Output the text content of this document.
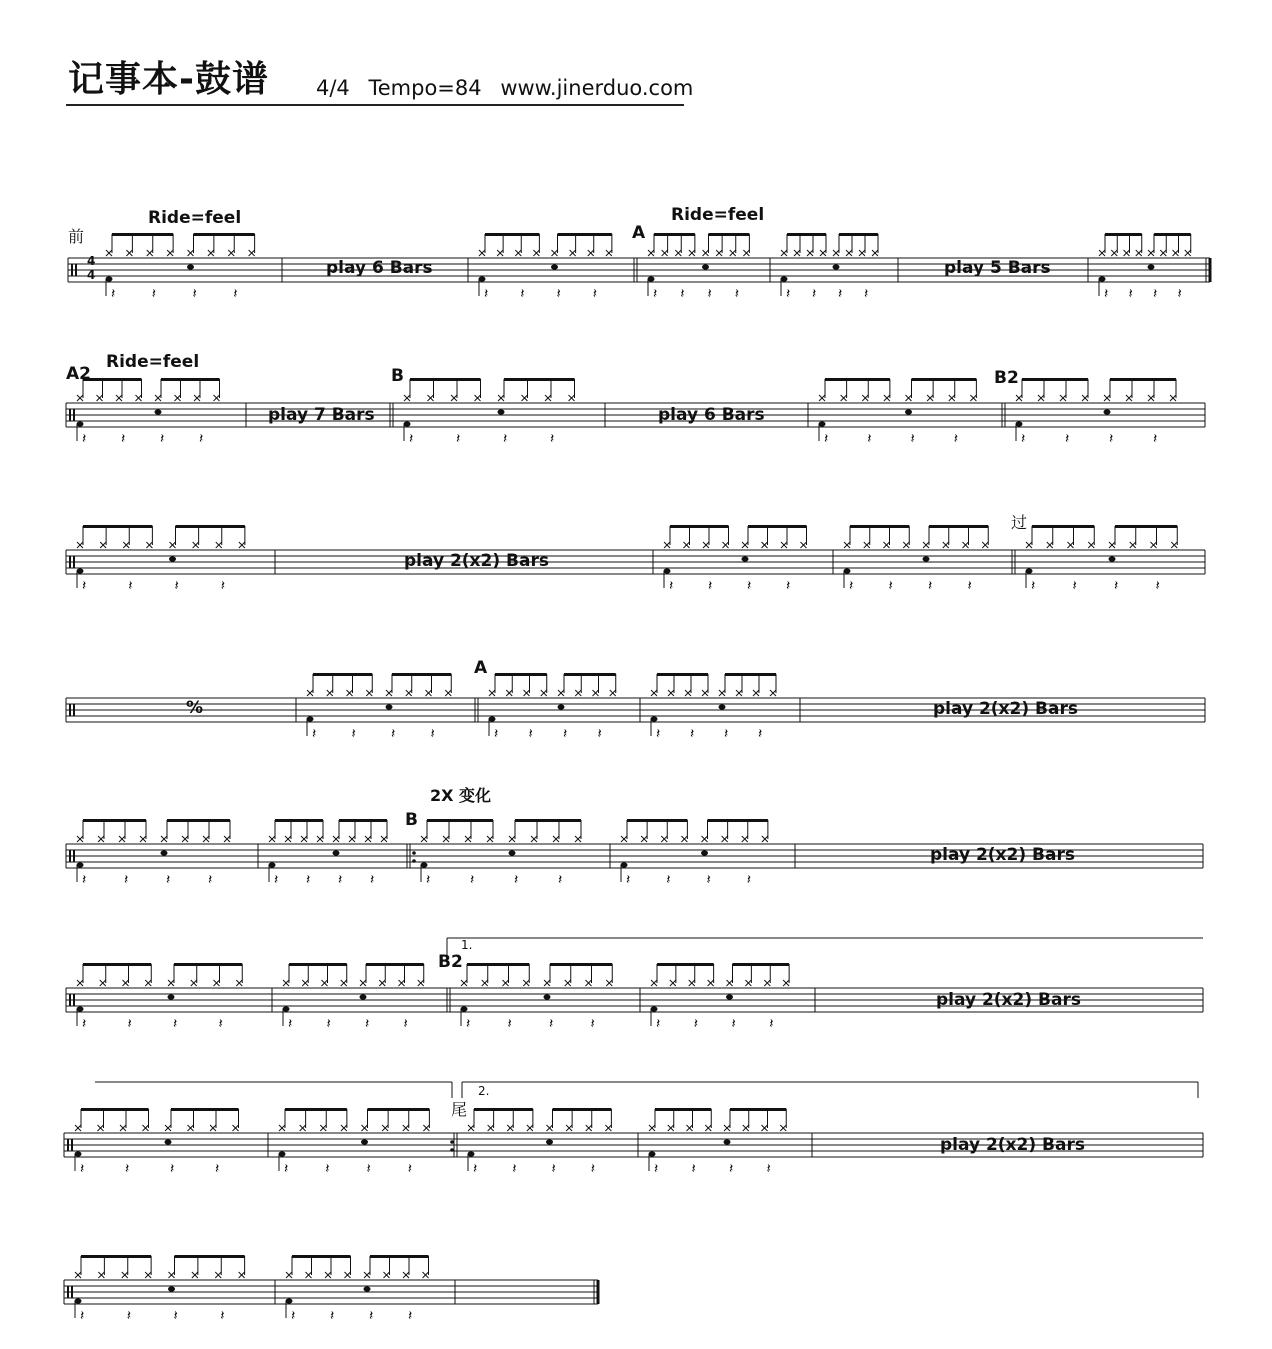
记事本-鼓谱 4/4 Tempo=84 www.jinerduo.com
𝄽	𝄽	𝄽	𝄽	𝄽 𝄽 𝄽 𝄽	𝄽 𝄽 𝄽 𝄽	𝄽 𝄽 𝄽 𝄽	𝄽 𝄽 𝄽 𝄽
𝄽 𝄽 𝄽 𝄽	𝄽	𝄽	𝄽	𝄽	𝄽	𝄽	𝄽	𝄽	𝄽	𝄽	𝄽	𝄽
𝄽	𝄽	𝄽	𝄽	𝄽 𝄽 𝄽 𝄽	𝄽	𝄽	𝄽	𝄽	𝄽	𝄽	𝄽	𝄽
𝄽	𝄽	𝄽	𝄽	𝄽 𝄽 𝄽 𝄽	𝄽 𝄽 𝄽 𝄽
𝄽	𝄽	𝄽	𝄽	𝄽 𝄽 𝄽 𝄽	𝄽	𝄽	𝄽	𝄽	𝄽	𝄽	𝄽	𝄽
𝄽	𝄽	𝄽	𝄽	𝄽 𝄽 𝄽 𝄽	𝄽	𝄽	𝄽	𝄽	𝄽 𝄽 𝄽 𝄽
𝄽	𝄽	𝄽	𝄽	𝄽	𝄽	𝄽	𝄽	𝄽 𝄽 𝄽 𝄽	𝄽 𝄽 𝄽 𝄽
𝄽	𝄽	𝄽	𝄽	𝄽 𝄽 𝄽 𝄽
前
Ride=feel
play 6 Bars
A
Ride=feel
play 5 Bars
A2
Ride=feel
play 7 Bars
B
play 6 Bars
B2
play 2(x2) Bars
过
%
A
play 2(x2) Bars
2X 变化
B
play 2(x2) Bars
1.
B2
play 2(x2) Bars
2.
尾
play 2(x2) Bars
4
4
